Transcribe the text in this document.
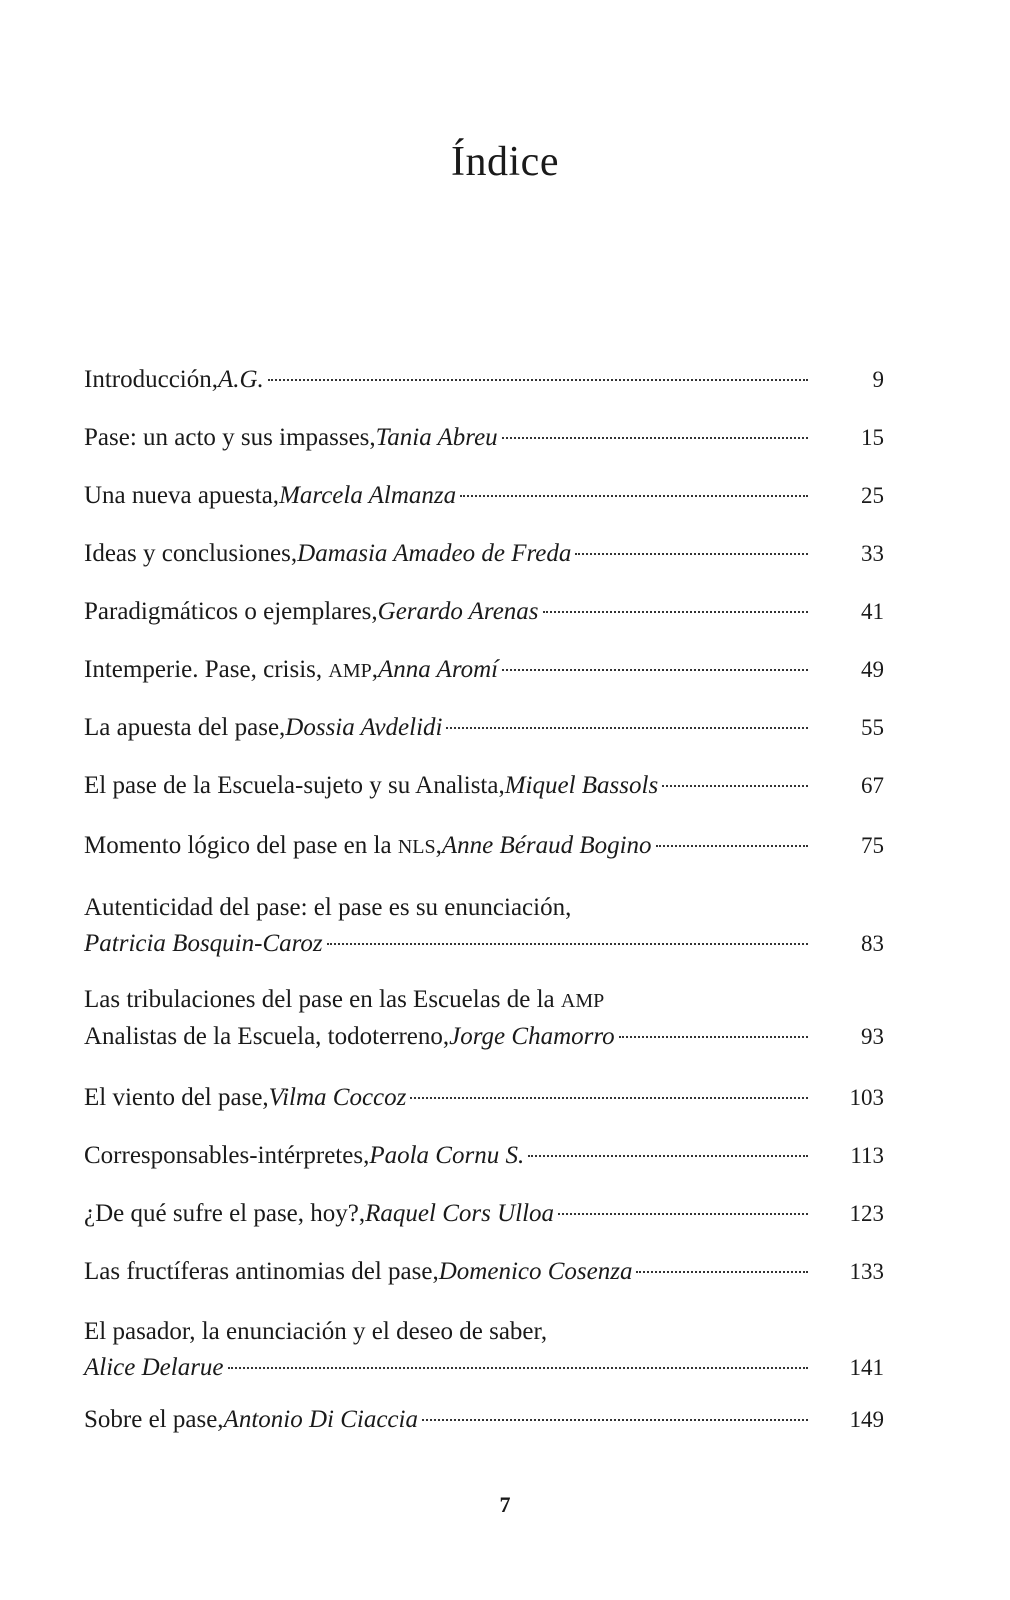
Índice
Introducción, A.G.	9
Pase: un acto y sus impasses, Tania Abreu	15
Una nueva apuesta, Marcela Almanza	25
Ideas y conclusiones, Damasia Amadeo de Freda	33
Paradigmáticos o ejemplares, Gerardo Arenas	41
Intemperie. Pase, crisis, AMP, Anna Aromí	49
La apuesta del pase, Dossia Avdelidi	55
El pase de la Escuela-sujeto y su Analista, Miquel Bassols	67
Momento lógico del pase en la NLS, Anne Béraud Bogino	75
Autenticidad del pase: el pase es su enunciación,
Patricia Bosquin-Caroz	83
Las tribulaciones del pase en las Escuelas de la AMP
Analistas de la Escuela, todoterreno, Jorge Chamorro	93
El viento del pase, Vilma Coccoz	103
Corresponsables-intérpretes, Paola Cornu S.	113
¿De qué sufre el pase, hoy?, Raquel Cors Ulloa	123
Las fructíferas antinomias del pase, Domenico Cosenza	133
El pasador, la enunciación y el deseo de saber,
Alice Delarue	141
Sobre el pase, Antonio Di Ciaccia	149
7
